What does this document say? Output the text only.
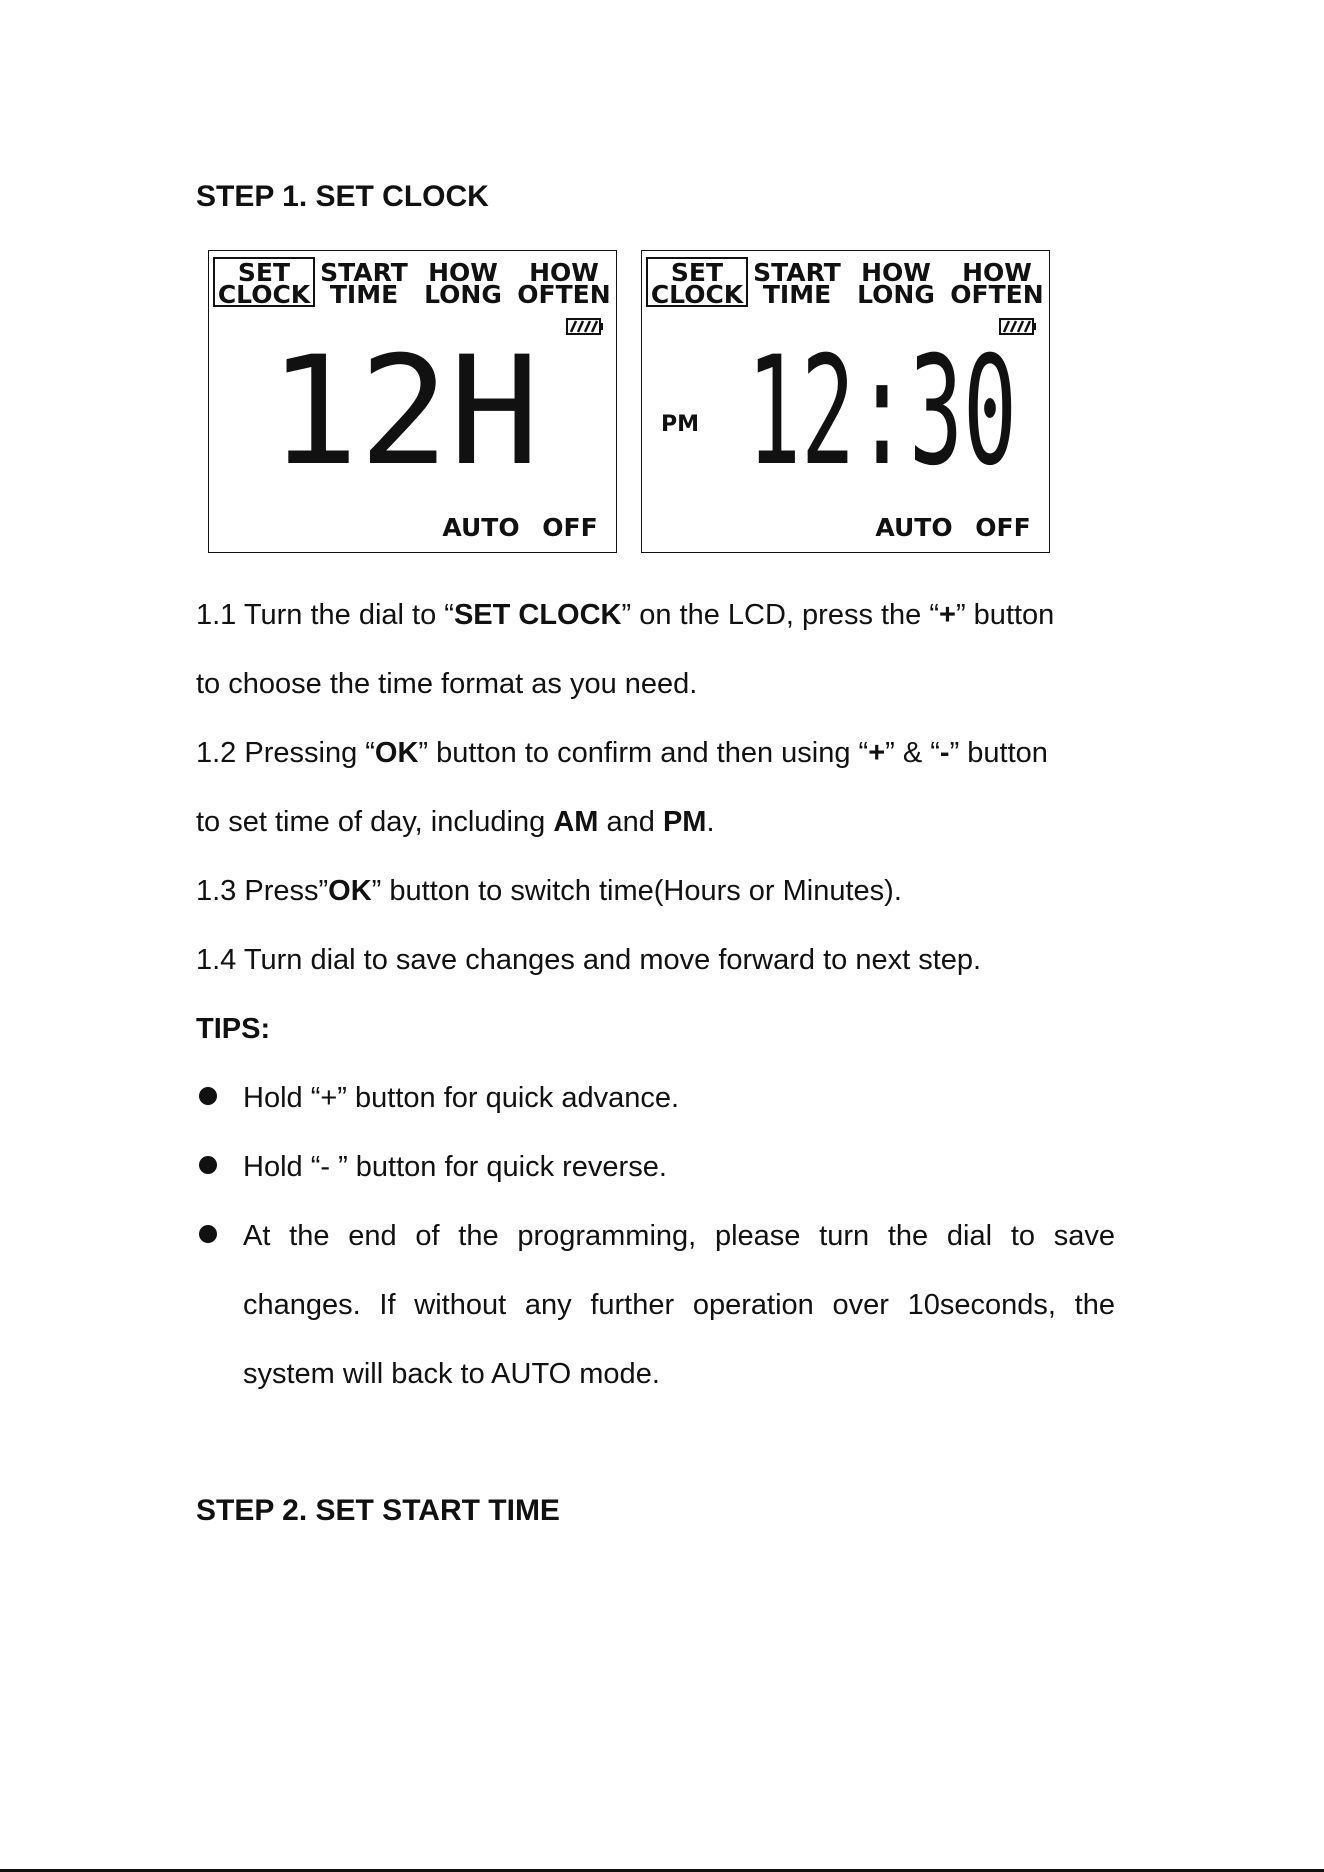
STEP 1. SET CLOCK
SET
CLOCK
START
TIME
HOW
LONG
HOW
OFTEN
12H
AUTO OFF
SET
CLOCK
START
TIME
HOW
LONG
HOW
OFTEN
PM 12:30
AUTO OFF

1.1 Turn the dial to “SET CLOCK” on the LCD, press the “+” button

to choose the time format as you need.

1.2 Pressing “OK” button to confirm and then using “+” & “-” button

to set time of day, including AM and PM.

1.3 Press”OK” button to switch time(Hours or Minutes).

1.4 Turn dial to save changes and move forward to next step.

TIPS:

Hold “+” button for quick advance.

Hold “- ” button for quick reverse.

At the end of the programming, please turn the dial to save

changes. If without any further operation over 10seconds, the

system will back to AUTO mode.

STEP 2. SET START TIME
